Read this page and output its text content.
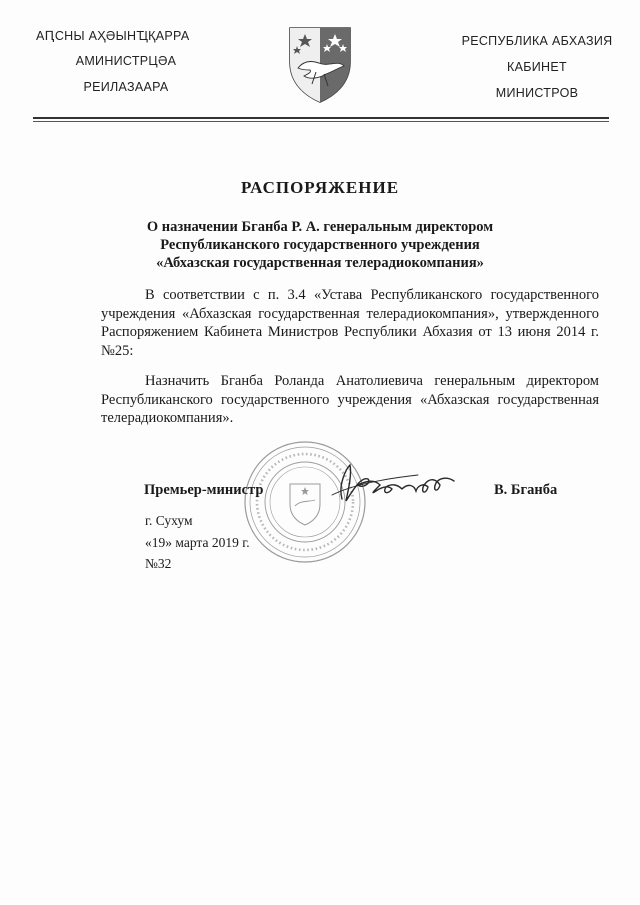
АԤСНЫ АҲӘЫНҴҚАРРА
АМИНИСТРЦӘА
РЕИЛАЗААРА
РЕСПУБЛИКА АБХАЗИЯ
КАБИНЕТ
МИНИСТРОВ
РАСПОРЯЖЕНИЕ
О назначении Бганба Р. А. генеральным директором
Республиканского государственного учреждения
«Абхазская государственная телерадиокомпания»
В соответствии с п. 3.4 «Устава Республиканского государственного учреждения «Абхазская государственная телерадиокомпания», утвержденного Распоряжением Кабинета Министров Республики Абхазия от 13 июня 2014 г. №25:
Назначить Бганба Роланда Анатолиевича генеральным директором Республиканского государственного учреждения «Абхазская государственная телерадиокомпания».
Премьер-министр	В. Бганба
г. Сухум
«19» марта 2019 г.
№32
